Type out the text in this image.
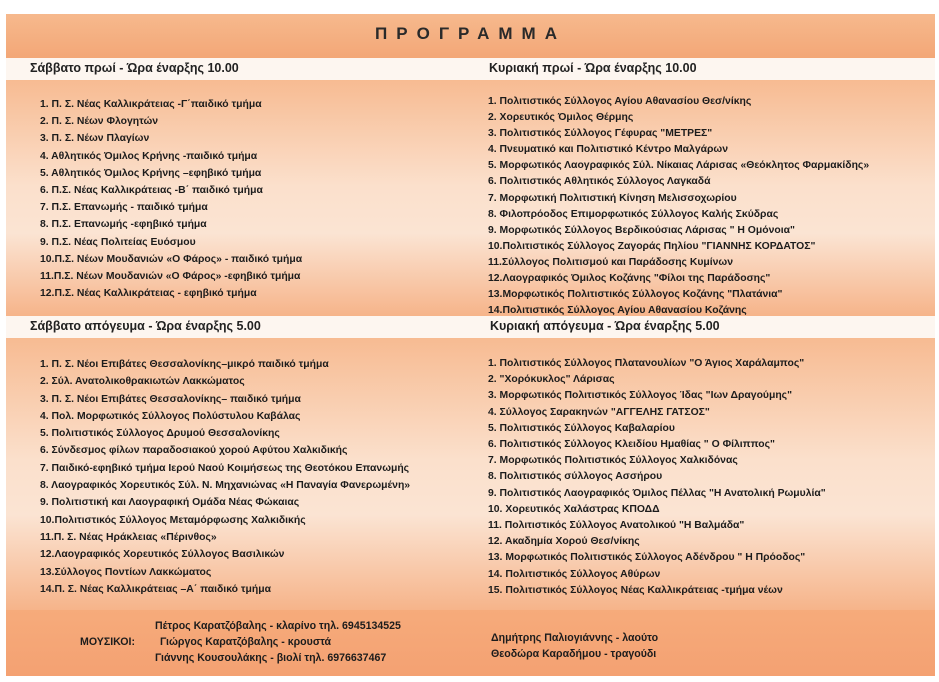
ΠΡΟΓΡΑΜΜΑ
Σάββατο πρωί - Ώρα έναρξης 10.00	Κυριακή πρωί - Ώρα έναρξης 10.00
1. Π. Σ. Νέας Καλλικράτειας -Γ΄παιδικό τμήμα
2. Π. Σ. Νέων Φλογητών
3. Π. Σ. Νέων Πλαγίων
4. Αθλητικός Όμιλος Κρήνης -παιδικό τμήμα
5. Αθλητικός Όμιλος Κρήνης –εφηβικό τμήμα
6. Π.Σ. Νέας Καλλικράτειας -Β΄ παιδικό τμήμα
7. Π.Σ. Επανωμής - παιδικό τμήμα
8. Π.Σ. Επανωμής -εφηβικό τμήμα
9. Π.Σ. Νέας Πολιτείας Ευόσμου
10.Π.Σ. Νέων Μουδανιών «Ο Φάρος» - παιδικό τμήμα
11.Π.Σ. Νέων Μουδανιών «Ο Φάρος» -εφηβικό τμήμα
12.Π.Σ. Νέας Καλλικράτειας - εφηβικό τμήμα
1. Πολιτιστικός Σύλλογος Αγίου Αθανασίου Θεσ/νίκης
2. Χορευτικός Όμιλος Θέρμης
3. Πολιτιστικός Σύλλογος Γέφυρας "ΜΕΤΡΕΣ"
4. Πνευματικό και Πολιτιστικό Κέντρο Μαλγάρων
5. Μορφωτικός Λαογραφικός Σύλ. Νίκαιας Λάρισας «Θεόκλητος Φαρμακίδης»
6. Πολιτιστικός Αθλητικός Σύλλογος Λαγκαδά
7. Μορφωτική Πολιτιστική Κίνηση Μελισσοχωρίου
8. Φιλοπρόοδος Επιμορφωτικός Σύλλογος Καλής Σκύδρας
9. Μορφωτικός Σύλλογος Βερδικούσιας Λάρισας " Η Ομόνοια"
10.Πολιτιστικός Σύλλογος Ζαγοράς Πηλίου "ΓΙΑΝΝΗΣ ΚΟΡΔΑΤΟΣ"
11.Σύλλογος Πολιτισμού και Παράδοσης Κυμίνων
12.Λαογραφικός Όμιλος Κοζάνης "Φίλοι της Παράδοσης"
13.Μορφωτικός Πολιτιστικός Σύλλογος Κοζάνης "Πλατάνια"
14.Πολιτιστικός Σύλλογος Αγίου Αθανασίου Κοζάνης
Σάββατο απόγευμα - Ώρα έναρξης 5.00	Κυριακή απόγευμα - Ώρα έναρξης 5.00
1. Π. Σ. Νέοι Επιβάτες Θεσσαλονίκης–μικρό παιδικό τμήμα
2. Σύλ. Ανατολικοθρακιωτών Λακκώματος
3. Π. Σ. Νέοι Επιβάτες Θεσσαλονίκης– παιδικό τμήμα
4. Πολ. Μορφωτικός Σύλλογος Πολύστυλου Καβάλας
5. Πολιτιστικός Σύλλογος Δρυμού Θεσσαλονίκης
6. Σύνδεσμος φίλων παραδοσιακού χορού Αφύτου Χαλκιδικής
7. Παιδικό-εφηβικό τμήμα Ιερού Ναού Κοιμήσεως της Θεοτόκου Επανωμής
8. Λαογραφικός Χορευτικός Σύλ. Ν. Μηχανιώνας «Η Παναγία Φανερωμένη»
9. Πολιτιστική και Λαογραφική Ομάδα Νέας Φώκαιας
10.Πολιτιστικός Σύλλογος Μεταμόρφωσης Χαλκιδικής
11.Π. Σ. Νέας Ηράκλειας «Πέρινθος»
12.Λαογραφικός Χορευτικός Σύλλογος Βασιλικών
13.Σύλλογος Ποντίων Λακκώματος
14.Π. Σ. Νέας Καλλικράτειας –Α΄ παιδικό τμήμα
1. Πολιτιστικός Σύλλογος Πλατανουλίων "Ο Άγιος Χαράλαμπος"
2. "Χορόκυκλος" Λάρισας
3. Μορφωτικός Πολιτιστικός Σύλλογος Ίδας "Ιων Δραγούμης"
4. Σύλλογος Σαρακηνών "ΑΓΓΕΛΗΣ ΓΑΤΣΟΣ"
5. Πολιτιστικός Σύλλογος Καβαλαρίου
6. Πολιτιστικός Σύλλογος Κλειδίου Ημαθίας " Ο Φίλιππος"
7. Μορφωτικός Πολιτιστικός Σύλλογος Χαλκιδόνας
8. Πολιτιστικός σύλλογος Ασσήρου
9. Πολιτιστικός Λαογραφικός Όμιλος Πέλλας "Η Ανατολική Ρωμυλία"
10. Χορευτικός Χαλάστρας ΚΠΟΔΔ
11. Πολιτιστικός Σύλλογος Ανατολικού "Η Βαλμάδα"
12. Ακαδημία Χορού Θεσ/νίκης
13. Μορφωτικός Πολιτιστικός Σύλλογος Αδένδρου " Η Πρόοδος"
14. Πολιτιστικός Σύλλογος Αθύρων
15. Πολιτιστικός Σύλλογος Νέας Καλλικράτειας -τμήμα νέων
ΜΟΥΣΙΚΟΙ:
Πέτρος Καρατζόβαλης - κλαρίνο τηλ. 6945134525
Γιώργος Καρατζόβαλης - κρουστά
Γιάννης Κουσουλάκης - βιολί τηλ. 6976637467
Δημήτρης Παλιογιάννης - λαούτο
Θεοδώρα Καραδήμου - τραγούδι
